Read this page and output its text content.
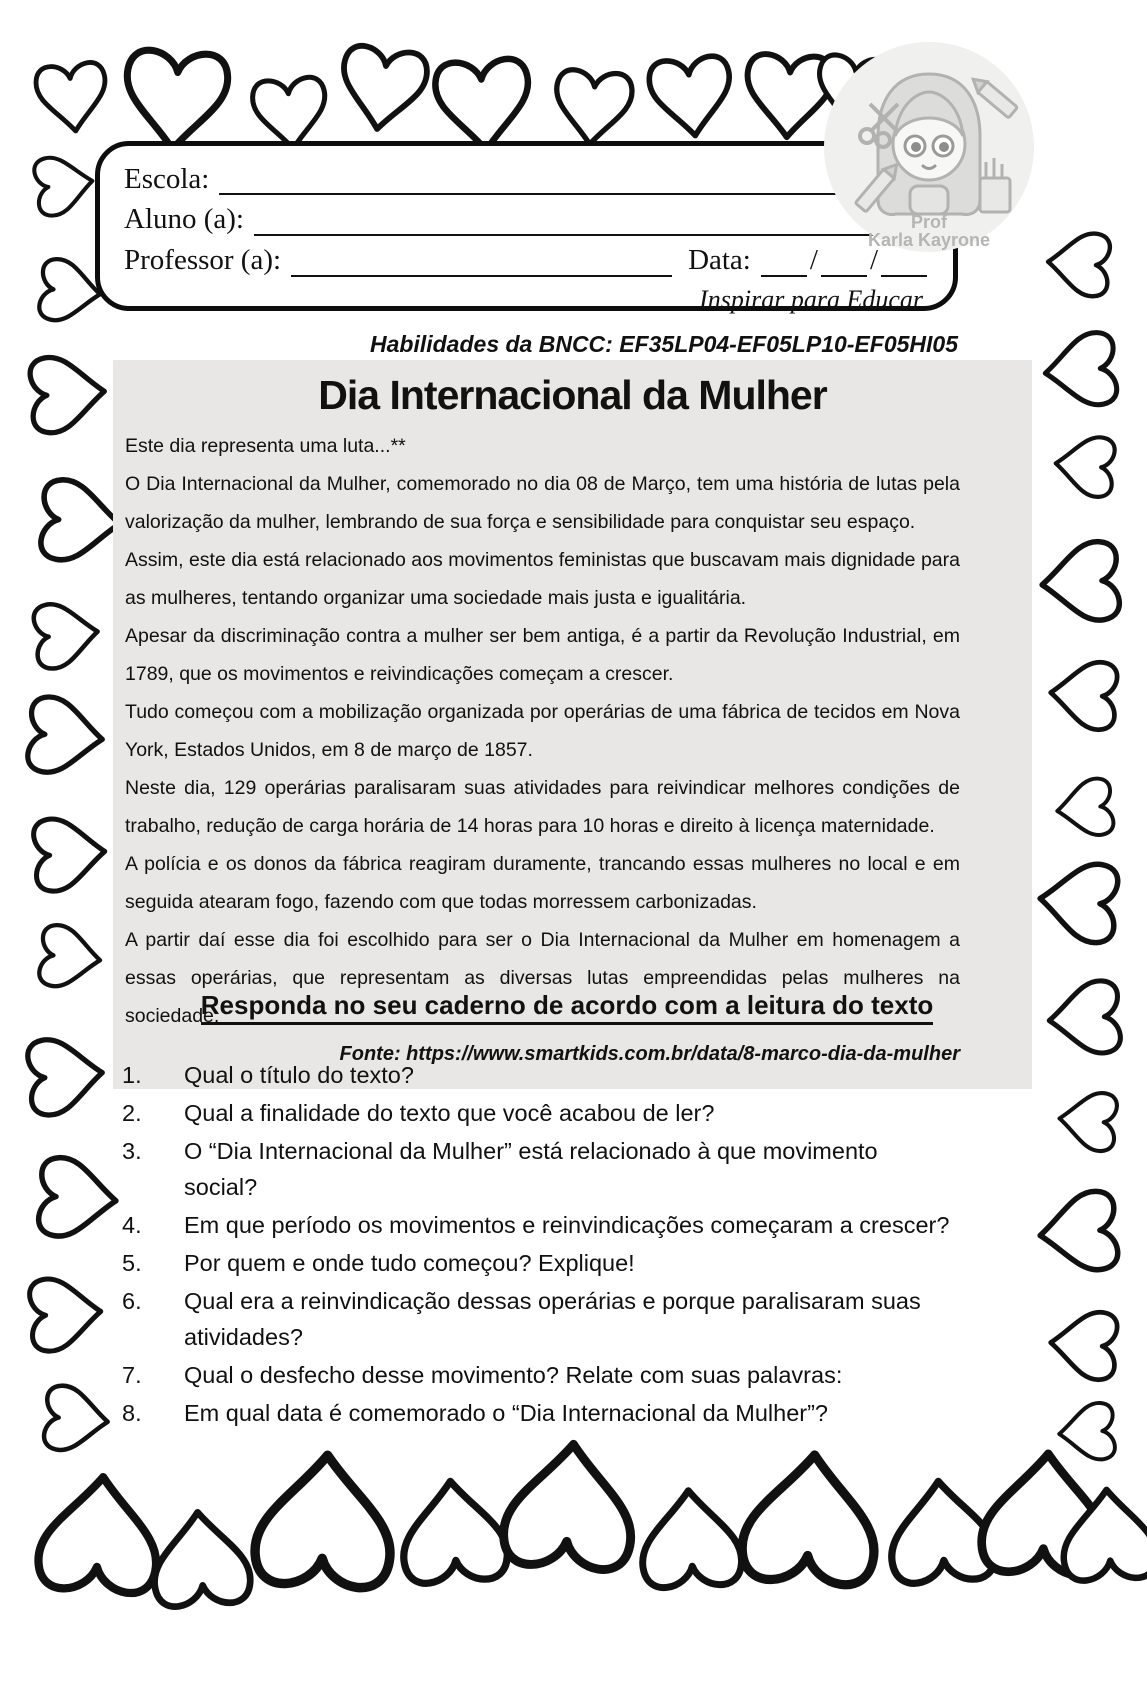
Escola:
Aluno (a):
Professor (a):	Data: / /
Inspirar para Educar
Prof
Karla Kayrone
Habilidades da BNCC: EF35LP04-EF05LP10-EF05HI05
Dia Internacional da Mulher

Este dia representa uma luta...**

O Dia Internacional da Mulher, comemorado no dia 08 de Março, tem uma história de lutas pela valorização da mulher, lembrando de sua força e sensibilidade para conquistar seu espaço.

Assim, este dia está relacionado aos movimentos feministas que buscavam mais dignidade para as mulheres, tentando organizar uma sociedade mais justa e igualitária.

Apesar da discriminação contra a mulher ser bem antiga, é a partir da Revolução Industrial, em 1789, que os movimentos e reivindicações começam a crescer.

Tudo começou com a mobilização organizada por operárias de uma fábrica de tecidos em Nova York, Estados Unidos, em 8 de março de 1857.

Neste dia, 129 operárias paralisaram suas atividades para reivindicar melhores condições de trabalho, redução de carga horária de 14 horas para 10 horas e direito à licença maternidade.

A polícia e os donos da fábrica reagiram duramente, trancando essas mulheres no local e em seguida atearam fogo, fazendo com que todas morressem carbonizadas.

A partir daí esse dia foi escolhido para ser o Dia Internacional da Mulher em homenagem a essas operárias, que representam as diversas lutas empreendidas pelas mulheres na sociedade.

Fonte: https://www.smartkids.com.br/data/8-marco-dia-da-mulher

Responda no seu caderno de acordo com a leitura do texto
1.	Qual o título do texto?
2.	Qual a finalidade do texto que você acabou de ler?
3.	O “Dia Internacional da Mulher” está relacionado à que movimento social?
4.	Em que período os movimentos e reinvindicações começaram a crescer?
5.	Por quem e onde tudo começou? Explique!
6.	Qual era a reinvindicação dessas operárias e porque paralisaram suas atividades?
7.	Qual o desfecho desse movimento? Relate com suas palavras:
8.	Em qual data é comemorado o “Dia Internacional da Mulher”?
